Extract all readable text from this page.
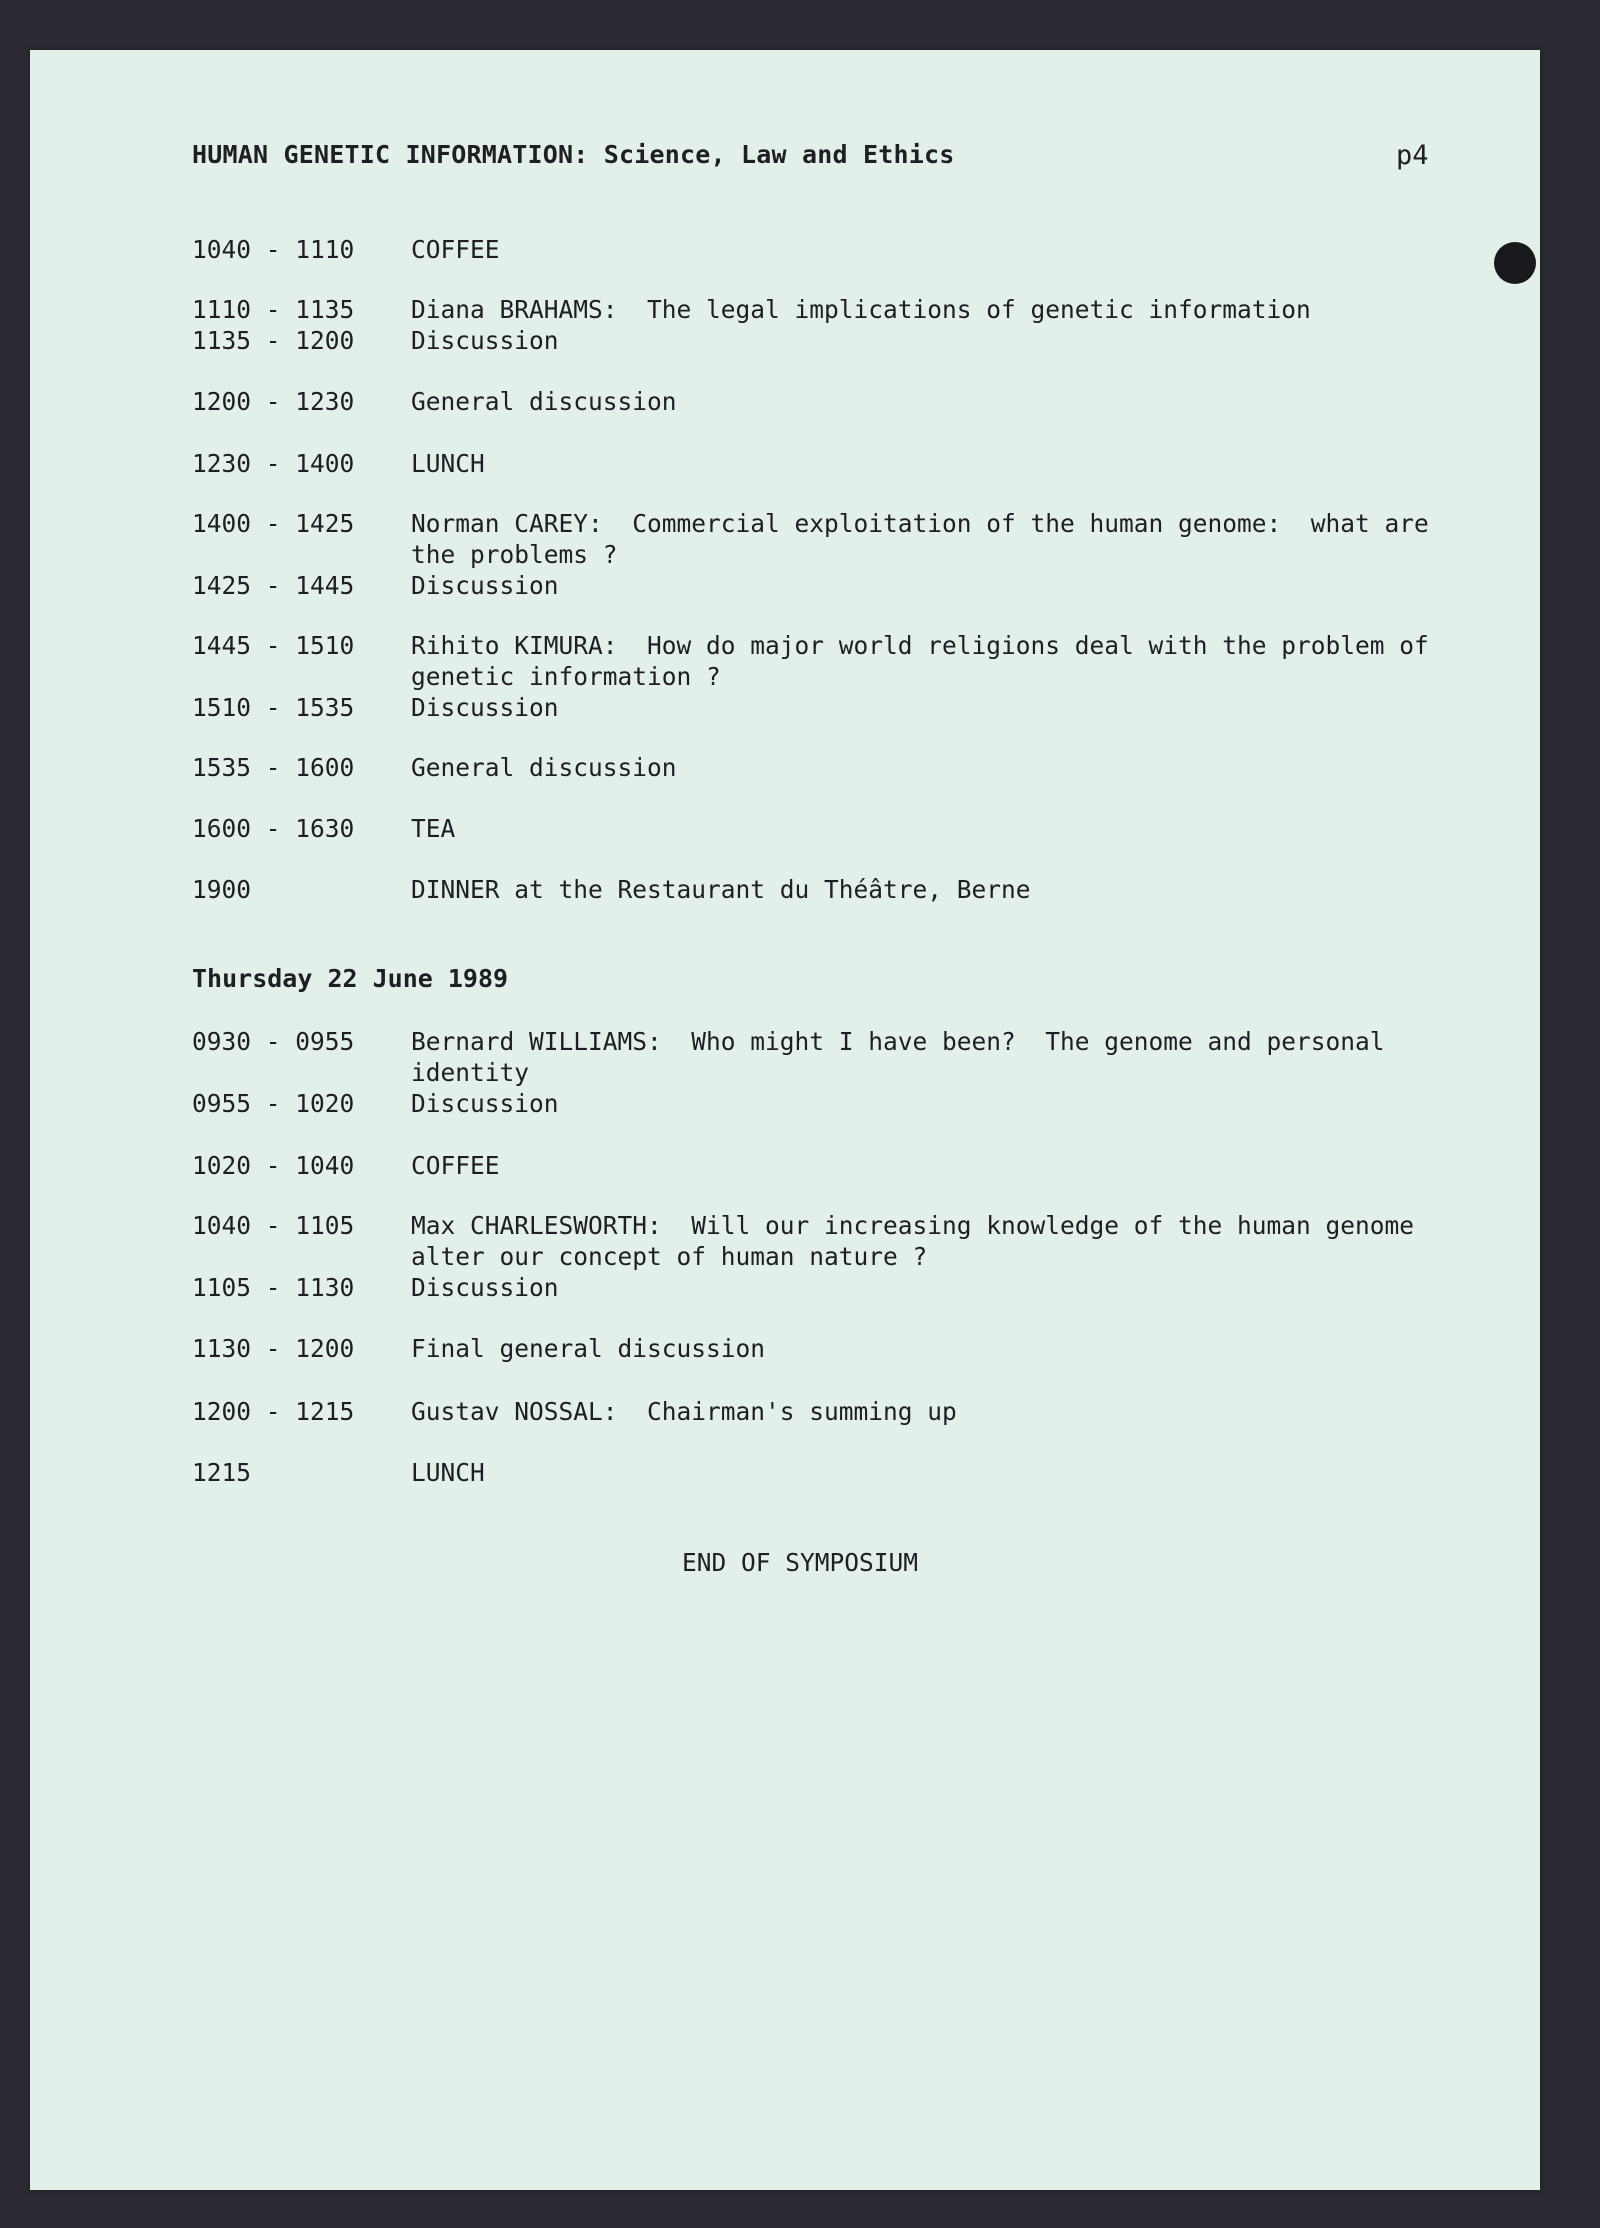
HUMAN GENETIC INFORMATION: Science, Law and Ethics	p4
1040 - 1110 COFFEE
1110 - 1135 Diana BRAHAMS:  The legal implications of genetic information
1135 - 1200 Discussion
1200 - 1230 General discussion
1230 - 1400 LUNCH
1400 - 1425 Norman CAREY:  Commercial exploitation of the human genome:  what are the problems ?
1425 - 1445 Discussion
1445 - 1510 Rihito KIMURA:  How do major world religions deal with the problem of genetic information ?
1510 - 1535 Discussion
1535 - 1600 General discussion
1600 - 1630 TEA
1900	DINNER at the Restaurant du Théâtre, Berne
Thursday 22 June 1989
0930 - 0955 Bernard WILLIAMS:  Who might I have been?  The genome and personal identity
0955 - 1020 Discussion
1020 - 1040 COFFEE
1040 - 1105 Max CHARLESWORTH:  Will our increasing knowledge of the human genome alter our concept of human nature ?
1105 - 1130 Discussion
1130 - 1200 Final general discussion
1200 - 1215 Gustav NOSSAL:  Chairman's summing up
1215	LUNCH
END OF SYMPOSIUM
